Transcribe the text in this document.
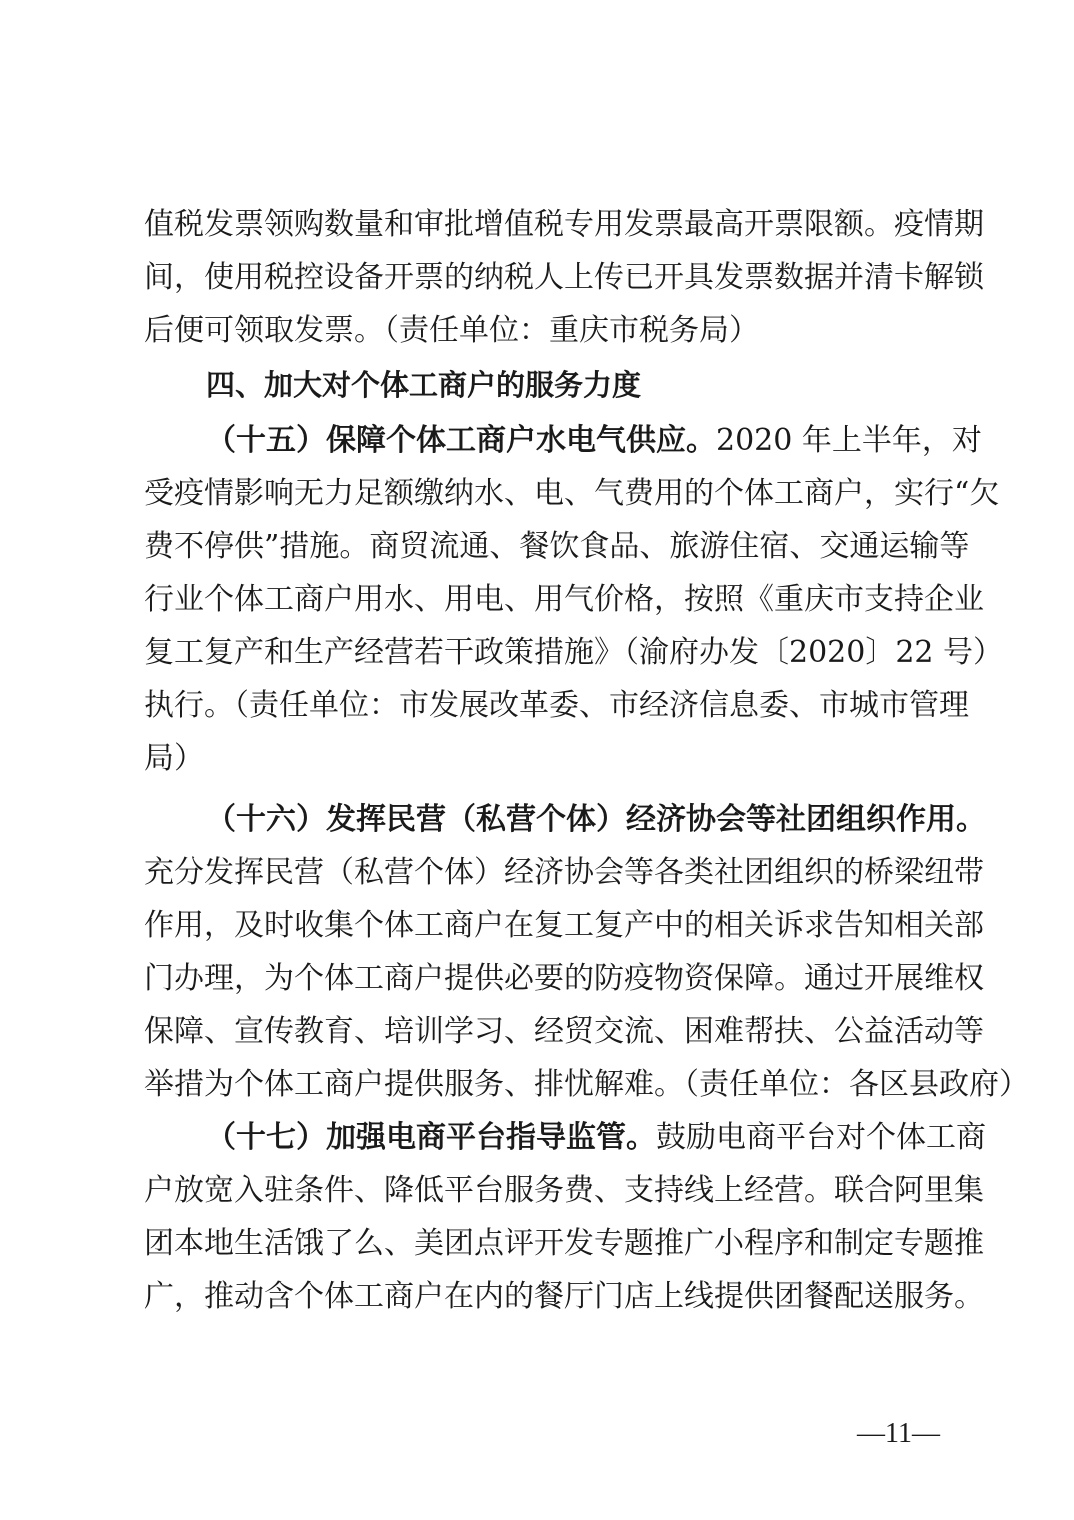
值税发票领购数量和审批增值税专用发票最高开票限额。疫情期
间，使用税控设备开票的纳税人上传已开具发票数据并清卡解锁
后便可领取发票。（责任单位：重庆市税务局）
四、加大对个体工商户的服务力度
（十五）保障个体工商户水电气供应。2020 年上半年，对
受疫情影响无力足额缴纳水、电、气费用的个体工商户，实行“欠
费不停供”措施。商贸流通、餐饮食品、旅游住宿、交通运输等
行业个体工商户用水、用电、用气价格，按照《重庆市支持企业
复工复产和生产经营若干政策措施》（渝府办发〔2020〕22 号）
执行。（责任单位：市发展改革委、市经济信息委、市城市管理
局）
（十六）发挥民营（私营个体）经济协会等社团组织作用。
充分发挥民营（私营个体）经济协会等各类社团组织的桥梁纽带
作用，及时收集个体工商户在复工复产中的相关诉求告知相关部
门办理，为个体工商户提供必要的防疫物资保障。通过开展维权
保障、宣传教育、培训学习、经贸交流、困难帮扶、公益活动等
举措为个体工商户提供服务、排忧解难。（责任单位：各区县政府）
（十七）加强电商平台指导监管。鼓励电商平台对个体工商
户放宽入驻条件、降低平台服务费、支持线上经营。联合阿里集
团本地生活饿了么、美团点评开发专题推广小程序和制定专题推
广，推动含个体工商户在内的餐厅门店上线提供团餐配送服务。
—11—
